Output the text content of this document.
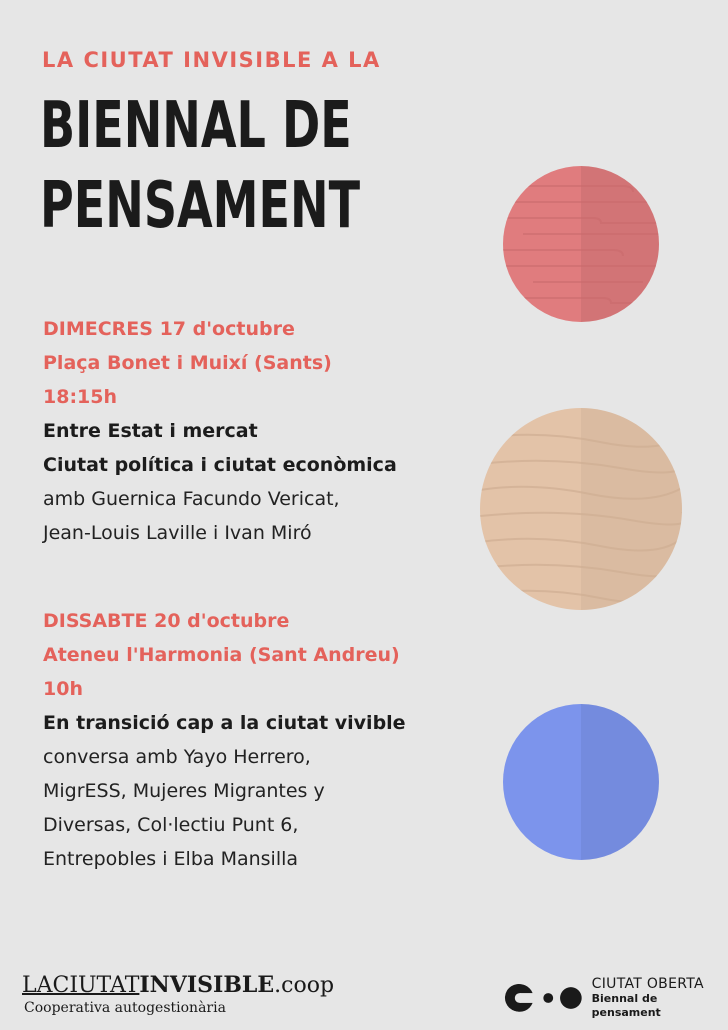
LA CIUTAT INVISIBLE A LA
BIENNAL DE
PENSAMENT
DIMECRES 17 d'octubre
Plaça Bonet i Muixí (Sants)
18:15h
Entre Estat i mercat
Ciutat política i ciutat econòmica
amb Guernica Facundo Vericat,
Jean-Louis Laville i Ivan Miró
DISSABTE 20 d'octubre
Ateneu l'Harmonia (Sant Andreu)
10h
En transició cap a la ciutat vivible
conversa amb Yayo Herrero,
MigrESS, Mujeres Migrantes y
Diversas, Col·lectiu Punt 6,
Entrepobles i Elba Mansilla
LACIUTATINVISIBLE.coop
Cooperativa autogestionària
CIUTAT OBERTA
Biennal de pensament
